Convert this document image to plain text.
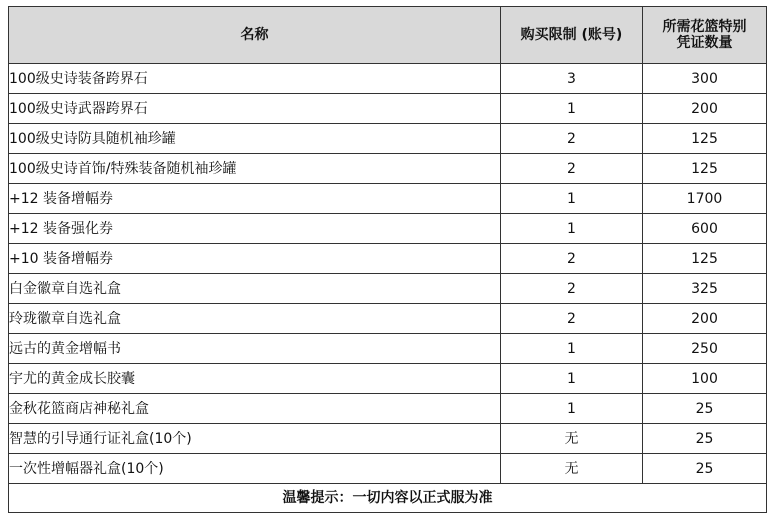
名称	购买限制 (账号)	所需花篮特别
凭证数量

100级史诗装备跨界石	3	300
100级史诗武器跨界石	1	200
100级史诗防具随机袖珍罐	2	125
100级史诗首饰/特殊装备随机袖珍罐	2	125
+12 装备增幅券	1	1700
+12 装备强化券	1	600
+10 装备增幅券	2	125
白金徽章自选礼盒	2	325
玲珑徽章自选礼盒	2	200
远古的黄金增幅书	1	250
宇尤的黄金成长胶囊	1	100
金秋花篮商店神秘礼盒	1	25
智慧的引导通行证礼盒(10个)	无	25
一次性增幅器礼盒(10个)	无	25
温馨提示：一切内容以正式服为准		
